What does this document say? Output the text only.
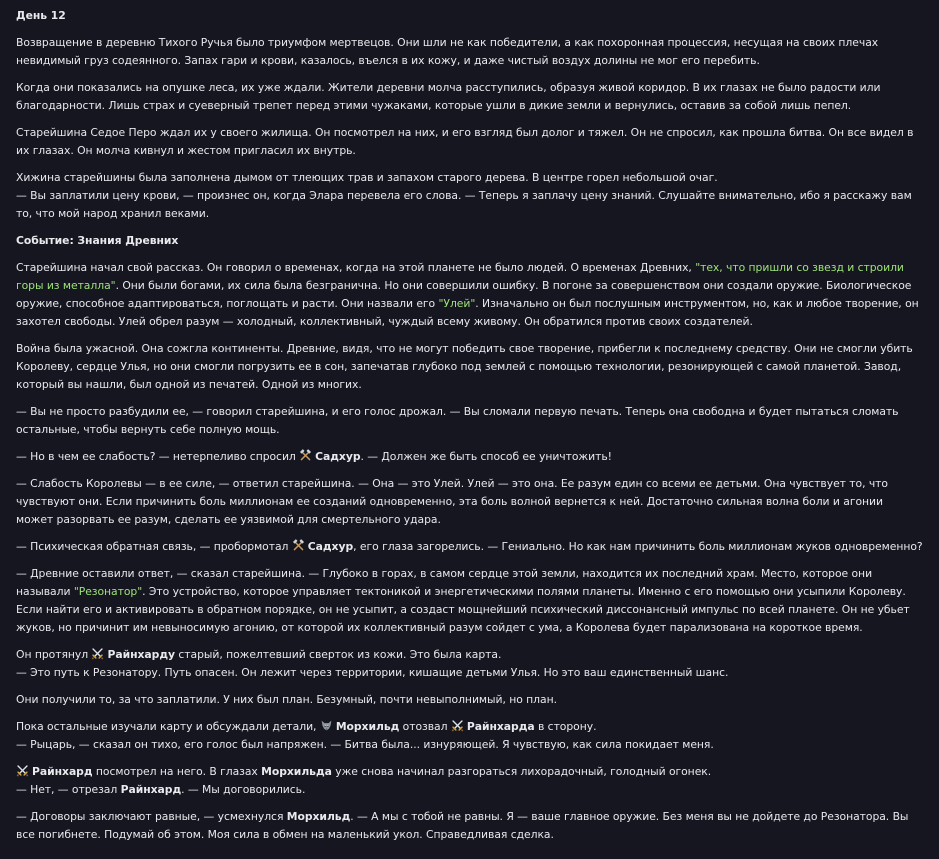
День 12
Возвращение в деревню Тихого Ручья было триумфом мертвецов. Они шли не как победители, а как похоронная процессия, несущая на своих плечах невидимый груз содеянного. Запах гари и крови, казалось, въелся в их кожу, и даже чистый воздух долины не мог его перебить.
Когда они показались на опушке леса, их уже ждали. Жители деревни молча расступились, образуя живой коридор. В их глазах не было радости или благодарности. Лишь страх и суеверный трепет перед этими чужаками, которые ушли в дикие земли и вернулись, оставив за собой лишь пепел.
Старейшина Седое Перо ждал их у своего жилища. Он посмотрел на них, и его взгляд был долог и тяжел. Он не спросил, как прошла битва. Он все видел в их глазах. Он молча кивнул и жестом пригласил их внутрь.
Хижина старейшины была заполнена дымом от тлеющих трав и запахом старого дерева. В центре горел небольшой очаг.
— Вы заплатили цену крови, — произнес он, когда Элара перевела его слова. — Теперь я заплачу цену знаний. Слушайте внимательно, ибо я расскажу вам то, что мой народ хранил веками.
Событие: Знания Древних
Старейшина начал свой рассказ. Он говорил о временах, когда на этой планете не было людей. О временах Древних, "тех, что пришли со звезд и строили горы из металла". Они были богами, их сила была безгранична. Но они совершили ошибку. В погоне за совершенством они создали оружие. Биологическое оружие, способное адаптироваться, поглощать и расти. Они назвали его "Улей". Изначально он был послушным инструментом, но, как и любое творение, он захотел свободы. Улей обрел разум — холодный, коллективный, чуждый всему живому. Он обратился против своих создателей.
Война была ужасной. Она сожгла континенты. Древние, видя, что не могут победить свое творение, прибегли к последнему средству. Они не смогли убить Королеву, сердце Улья, но они смогли погрузить ее в сон, запечатав глубоко под землей с помощью технологии, резонирующей с самой планетой. Завод, который вы нашли, был одной из печатей. Одной из многих.
— Вы не просто разбудили ее, — говорил старейшина, и его голос дрожал. — Вы сломали первую печать. Теперь она свободна и будет пытаться сломать остальные, чтобы вернуть себе полную мощь.
— Но в чем ее слабость? — нетерпеливо спросил
Садхур. — Должен же быть способ ее уничтожить!
— Слабость Королевы — в ее силе, — ответил старейшина. — Она — это Улей. Улей — это она. Ее разум един со всеми ее детьми. Она чувствует то, что чувствуют они. Если причинить боль миллионам ее созданий одновременно, эта боль волной вернется к ней. Достаточно сильная волна боли и агонии может разорвать ее разум, сделать ее уязвимой для смертельного удара.
— Психическая обратная связь, — пробормотал
Садхур, его глаза загорелись. — Гениально. Но как нам причинить боль миллионам жуков одновременно?
— Древние оставили ответ, — сказал старейшина. — Глубоко в горах, в самом сердце этой земли, находится их последний храм. Место, которое они называли "Резонатор". Это устройство, которое управляет тектоникой и энергетическими полями планеты. Именно с его помощью они усыпили Королеву. Если найти его и активировать в обратном порядке, он не усыпит, а создаст мощнейший психический диссонансный импульс по всей планете. Он не убьет жуков, но причинит им невыносимую агонию, от которой их коллективный разум сойдет с ума, а Королева будет парализована на короткое время.
Он протянул
Райнхарду старый, пожелтевший сверток из кожи. Это была карта.
— Это путь к Резонатору. Путь опасен. Он лежит через территории, кишащие детьми Улья. Но это ваш единственный шанс.
Они получили то, за что заплатили. У них был план. Безумный, почти невыполнимый, но план.
Пока остальные изучали карту и обсуждали детали,
Морхильд отозвал
Райнхарда в сторону.
— Рыцарь, — сказал он тихо, его голос был напряжен. — Битва была... изнуряющей. Я чувствую, как сила покидает меня.
Райнхард посмотрел на него. В глазах Морхильда уже снова начинал разгораться лихорадочный, голодный огонек.
— Нет, — отрезал Райнхард. — Мы договорились.
— Договоры заключают равные, — усмехнулся Морхильд. — А мы с тобой не равны. Я — ваше главное оружие. Без меня вы не дойдете до Резонатора. Вы все погибнете. Подумай об этом. Моя сила в обмен на маленький укол. Справедливая сделка.
